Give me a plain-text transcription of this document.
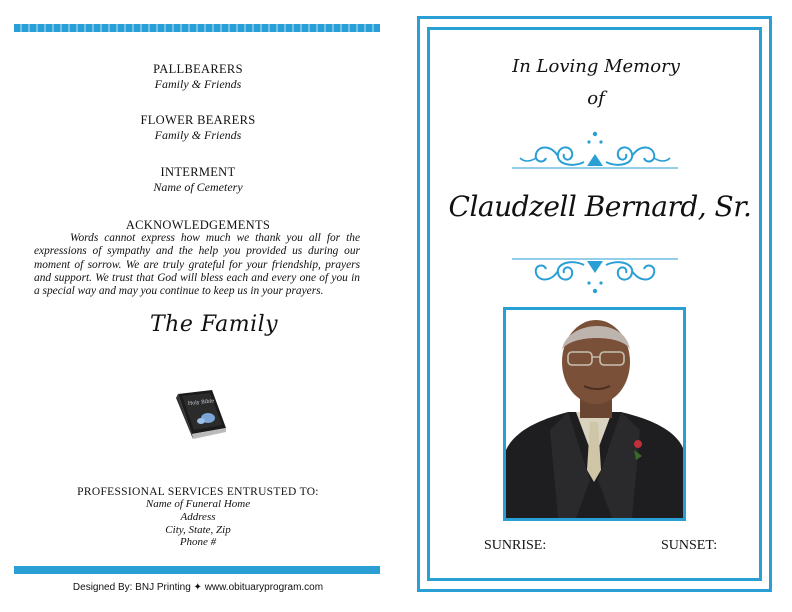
PALLBEARERS
Family & Friends
FLOWER BEARERS
Family & Friends
INTERMENT
Name of Cemetery
ACKNOWLEDGEMENTS
Words cannot express how much we thank you all for the expressions of sympathy and the help you provided us during our moment of sorrow. We are truly grateful for your friendship, prayers and support. We trust that God will bless each and every one of you in a special way and may you continue to keep us in your prayers.
The Family
Holy Bible
PROFESSIONAL SERVICES ENTRUSTED TO:
Name of Funeral Home
Address
City, State, Zip
Phone #
Designed By: BNJ Printing ✦ www.obituaryprogram.com
In Loving Memory
of
Claudzell Bernard, Sr.
SUNRISE:	SUNSET:
